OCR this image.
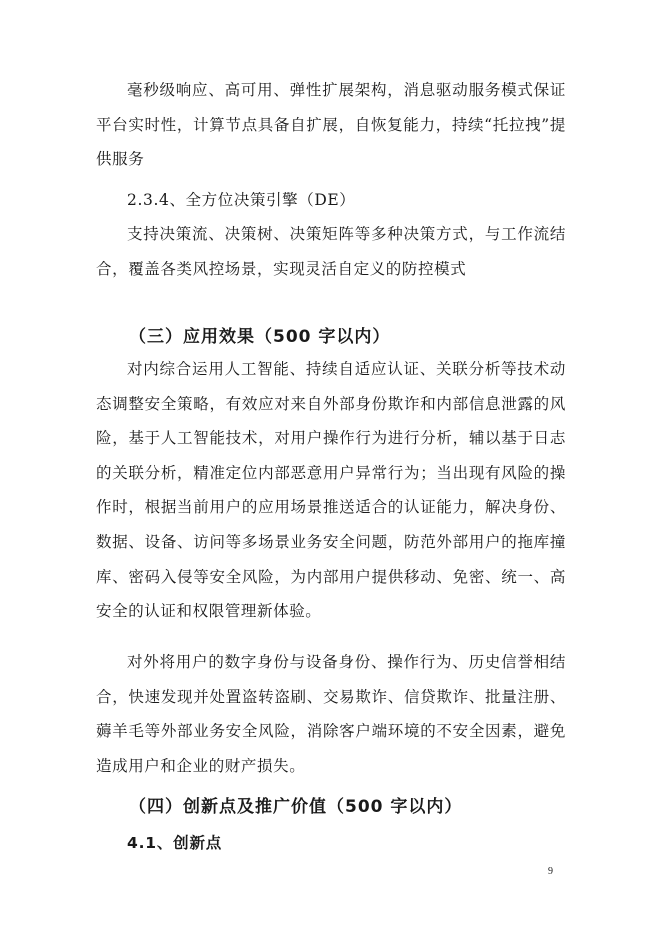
毫秒级响应、高可用、弹性扩展架构，消息驱动服务模式保证平台实时性，计算节点具备自扩展，自恢复能力，持续“托拉拽”提供服务

2.3.4、全方位决策引擎（DE）

支持决策流、决策树、决策矩阵等多种决策方式，与工作流结合，覆盖各类风控场景，实现灵活自定义的防控模式

（三）应用效果（500 字以内）

对内综合运用人工智能、持续自适应认证、关联分析等技术动态调整安全策略，有效应对来自外部身份欺诈和内部信息泄露的风险，基于人工智能技术，对用户操作行为进行分析，辅以基于日志的关联分析，精准定位内部恶意用户异常行为；当出现有风险的操作时，根据当前用户的应用场景推送适合的认证能力，解决身份、数据、设备、访问等多场景业务安全问题，防范外部用户的拖库撞库、密码入侵等安全风险，为内部用户提供移动、免密、统一、高安全的认证和权限管理新体验。

对外将用户的数字身份与设备身份、操作行为、历史信誉相结合，快速发现并处置盗转盗刷、交易欺诈、信贷欺诈、批量注册、薅羊毛等外部业务安全风险，消除客户端环境的不安全因素，避免造成用户和企业的财产损失。

（四）创新点及推广价值（500 字以内）
4.1、创新点
9
